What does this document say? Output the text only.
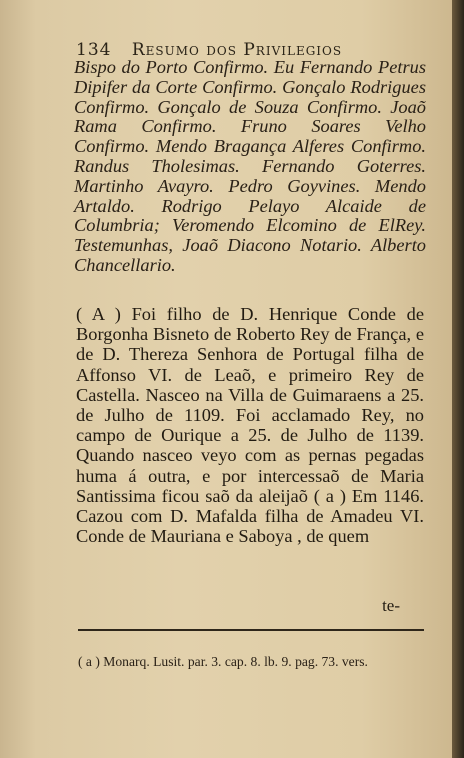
134 Resumo dos Privilegios
Bispo do Porto Confirmo. Eu Fernando Petrus Dipifer da Corte Confirmo. Gonçalo Rodrigues Confirmo. Gonçalo de Souza Confirmo. Joaõ Rama Confirmo. Fruno Soares Velho Confirmo. Mendo Bragança Alferes Confirmo. Randus Tholesimas. Fernando Goterres. Martinho Avayro. Pedro Goyvines. Mendo Artaldo. Rodrigo Pelayo Alcaide de Columbria; Veromendo Elcomino de ElRey. Testemunhas, Joaõ Diacono Notario. Alberto Chancellario.
( A ) Foi filho de D. Henrique Conde de Borgonha Bisneto de Roberto Rey de França, e de D. Thereza Senhora de Portugal filha de Affonso VI. de Leaõ, e primeiro Rey de Castella. Nasceo na Villa de Guimaraens a 25. de Julho de 1109. Foi acclamado Rey, no campo de Ourique a 25. de Julho de 1139. Quando nasceo veyo com as pernas pegadas huma á outra, e por intercessaõ de Maria Santissima ficou saõ da aleijaõ ( a ) Em 1146. Cazou com D. Mafalda filha de Amadeu VI. Conde de Mauriana e Saboya , de quem
te-
( a ) Monarq. Lusit. par. 3. cap. 8. lb. 9. pag. 73. vers.
